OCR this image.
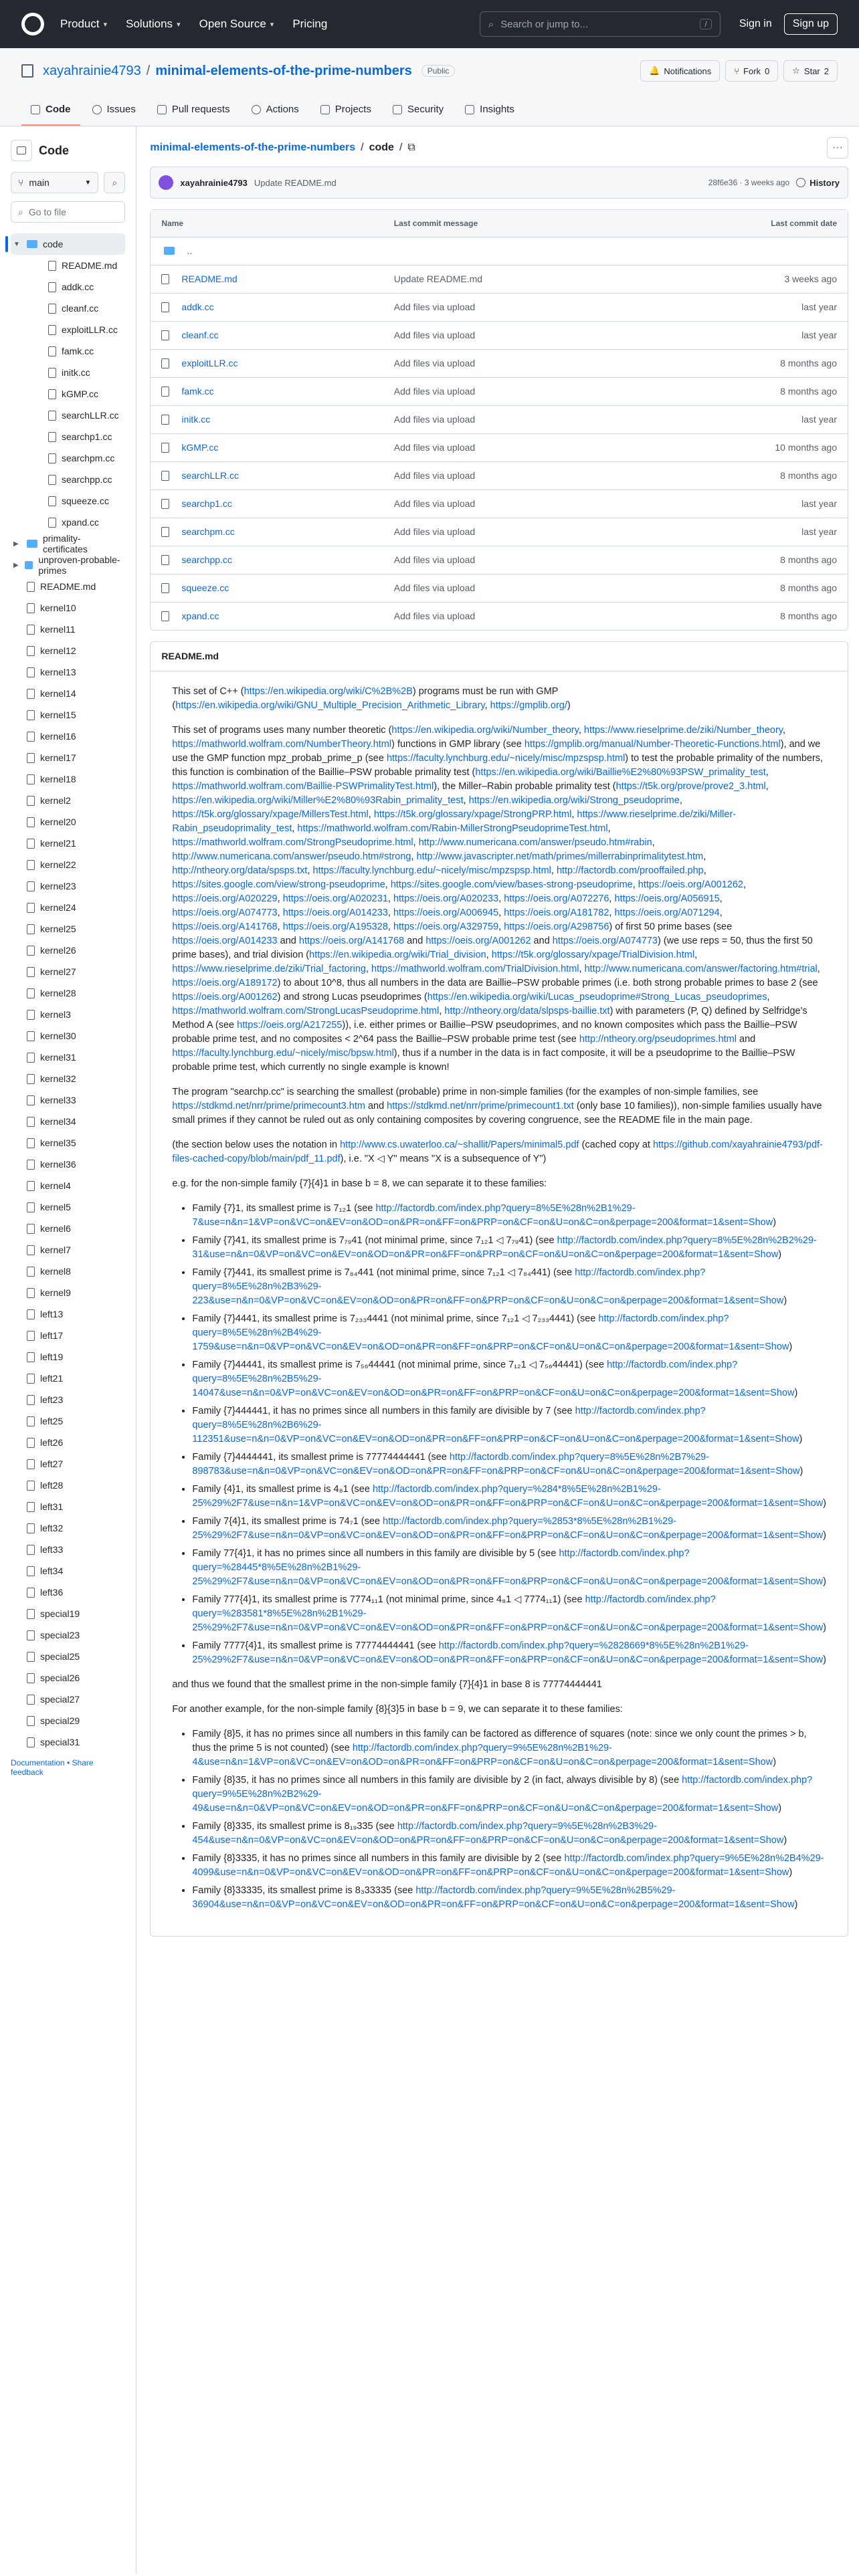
Product ▾ Solutions ▾ Open Source ▾ Pricing	⌕ Search or jump to...	/	Sign in	Sign up
xayahrainie4793 / minimal-elements-of-the-prime-numbers	Public	🔔 Notifications	⑂ Fork 0	☆ Star 2
Code	Issues	Pull requests	Actions	Projects	Security	Insights
Code
⑂ main	▼ ⌕
⌕ Go to file
▼	code
README.md
addk.cc
cleanf.cc
exploitLLR.cc
famk.cc
initk.cc
kGMP.cc
searchLLR.cc
searchp1.cc
searchpm.cc
searchpp.cc
squeeze.cc
xpand.cc
▶	primality-certificates
▶	unproven-probable-primes
README.md
kernel10
kernel11
kernel12
kernel13
kernel14
kernel15
kernel16
kernel17
kernel18
kernel2
kernel20
kernel21
kernel22
kernel23
kernel24
kernel25
kernel26
kernel27
kernel28
kernel3
kernel30
kernel31
kernel32
kernel33
kernel34
kernel35
kernel36
kernel4
kernel5
kernel6
kernel7
kernel8
kernel9
left13
left17
left19
left21
left23
left25
left26
left27
left28
left31
left32
left33
left34
left36
special19
special23
special25
special26
special27
special29
special31
Documentation • Share feedback
minimal-elements-of-the-prime-numbers / code / ⧉	···
xayahrainie4793 Update README.md	28f6e36 · 3 weeks ago History
Name	Last commit message	Last commit date

..		

README.md	Update README.md	3 weeks ago

addk.cc	Add files via upload	last year

cleanf.cc	Add files via upload	last year

exploitLLR.cc	Add files via upload	8 months ago

famk.cc	Add files via upload	8 months ago

initk.cc	Add files via upload	last year

kGMP.cc	Add files via upload	10 months ago

searchLLR.cc	Add files via upload	8 months ago

searchp1.cc	Add files via upload	last year

searchpm.cc	Add files via upload	last year

searchpp.cc	Add files via upload	8 months ago

squeeze.cc	Add files via upload	8 months ago

xpand.cc	Add files via upload	8 months ago
README.md

This set of C++ (https://en.wikipedia.org/wiki/C%2B%2B) programs must be run with GMP (https://en.wikipedia.org/wiki/GNU_Multiple_Precision_Arithmetic_Library, https://gmplib.org/)

This set of programs uses many number theoretic (https://en.wikipedia.org/wiki/Number_theory, https://www.rieselprime.de/ziki/Number_theory, https://mathworld.wolfram.com/NumberTheory.html) functions in GMP library (see https://gmplib.org/manual/Number-Theoretic-Functions.html), and we use the GMP function mpz_probab_prime_p (see https://faculty.lynchburg.edu/~nicely/misc/mpzspsp.html) to test the probable primality of the numbers, this function is combination of the Baillie–PSW probable primality test (https://en.wikipedia.org/wiki/Baillie%E2%80%93PSW_primality_test, https://mathworld.wolfram.com/Baillie-PSWPrimalityTest.html), the Miller–Rabin probable primality test (https://t5k.org/prove/prove2_3.html, https://en.wikipedia.org/wiki/Miller%E2%80%93Rabin_primality_test, https://en.wikipedia.org/wiki/Strong_pseudoprime, https://t5k.org/glossary/xpage/MillersTest.html, https://t5k.org/glossary/xpage/StrongPRP.html, https://www.rieselprime.de/ziki/Miller-Rabin_pseudoprimality_test, https://mathworld.wolfram.com/Rabin-MillerStrongPseudoprimeTest.html, https://mathworld.wolfram.com/StrongPseudoprime.html, http://www.numericana.com/answer/pseudo.htm#rabin, http://www.numericana.com/answer/pseudo.htm#strong, http://www.javascripter.net/math/primes/millerrabinprimalitytest.htm, http://ntheory.org/data/spsps.txt, https://faculty.lynchburg.edu/~nicely/misc/mpzspsp.html, http://factordb.com/prooffailed.php, https://sites.google.com/view/strong-pseudoprime, https://sites.google.com/view/bases-strong-pseudoprime, https://oeis.org/A001262, https://oeis.org/A020229, https://oeis.org/A020231, https://oeis.org/A020233, https://oeis.org/A072276, https://oeis.org/A056915, https://oeis.org/A074773, https://oeis.org/A014233, https://oeis.org/A006945, https://oeis.org/A181782, https://oeis.org/A071294, https://oeis.org/A141768, https://oeis.org/A195328, https://oeis.org/A329759, https://oeis.org/A298756) of first 50 prime bases (see https://oeis.org/A014233 and https://oeis.org/A141768 and https://oeis.org/A001262 and https://oeis.org/A074773) (we use reps = 50, thus the first 50 prime bases), and trial division (https://en.wikipedia.org/wiki/Trial_division, https://t5k.org/glossary/xpage/TrialDivision.html, https://www.rieselprime.de/ziki/Trial_factoring, https://mathworld.wolfram.com/TrialDivision.html, http://www.numericana.com/answer/factoring.htm#trial, https://oeis.org/A189172) to about 10^8, thus all numbers in the data are Baillie–PSW probable primes (i.e. both strong probable primes to base 2 (see https://oeis.org/A001262) and strong Lucas pseudoprimes (https://en.wikipedia.org/wiki/Lucas_pseudoprime#Strong_Lucas_pseudoprimes, https://mathworld.wolfram.com/StrongLucasPseudoprime.html, http://ntheory.org/data/slpsps-baillie.txt) with parameters (P, Q) defined by Selfridge's Method A (see https://oeis.org/A217255)), i.e. either primes or Baillie–PSW pseudoprimes, and no known composites which pass the Baillie–PSW probable prime test, and no composites < 2^64 pass the Baillie–PSW probable prime test (see http://ntheory.org/pseudoprimes.html and https://faculty.lynchburg.edu/~nicely/misc/bpsw.html), thus if a number in the data is in fact composite, it will be a pseudoprime to the Baillie–PSW probable prime test, which currently no single example is known!

The program "searchp.cc" is searching the smallest (probable) prime in non-simple families (for the examples of non-simple families, see https://stdkmd.net/nrr/prime/primecount3.htm and https://stdkmd.net/nrr/prime/primecount1.txt (only base 10 families)), non-simple families usually have small primes if they cannot be ruled out as only containing composites by covering congruence, see the README file in the main page.

(the section below uses the notation in http://www.cs.uwaterloo.ca/~shallit/Papers/minimal5.pdf (cached copy at https://github.com/xayahrainie4793/pdf-files-cached-copy/blob/main/pdf_11.pdf), i.e. "X ◁ Y" means "X is a subsequence of Y")

e.g. for the non-simple family {7}{4}1 in base b = 8, we can separate it to these families:

• Family {7}1, its smallest prime is 7₁₂1 (see http://factordb.com/index.php?query=8%5E%28n%2B1%29-7&use=n&n=1&VP=on&VC=on&EV=on&OD=on&PR=on&FF=on&PRP=on&CF=on&U=on&C=on&perpage=200&format=1&sent=Show)
• Family {7}41, its smallest prime is 7₇₉41 (not minimal prime, since 7₁₂1 ◁ 7₇₉41) (see http://factordb.com/index.php?query=8%5E%28n%2B2%29-31&use=n&n=0&VP=on&VC=on&EV=on&OD=on&PR=on&FF=on&PRP=on&CF=on&U=on&C=on&perpage=200&format=1&sent=Show)
• Family {7}441, its smallest prime is 7₈₄441 (not minimal prime, since 7₁₂1 ◁ 7₈₄441) (see http://factordb.com/index.php?query=8%5E%28n%2B3%29-223&use=n&n=0&VP=on&VC=on&EV=on&OD=on&PR=on&FF=on&PRP=on&CF=on&U=on&C=on&perpage=200&format=1&sent=Show)
• Family {7}4441, its smallest prime is 7₂₃₃4441 (not minimal prime, since 7₁₂1 ◁ 7₂₃₃4441) (see http://factordb.com/index.php?query=8%5E%28n%2B4%29-1759&use=n&n=0&VP=on&VC=on&EV=on&OD=on&PR=on&FF=on&PRP=on&CF=on&U=on&C=on&perpage=200&format=1&sent=Show)
• Family {7}44441, its smallest prime is 7₅₆44441 (not minimal prime, since 7₁₂1 ◁ 7₅₆44441) (see http://factordb.com/index.php?query=8%5E%28n%2B5%29-14047&use=n&n=0&VP=on&VC=on&EV=on&OD=on&PR=on&FF=on&PRP=on&CF=on&U=on&C=on&perpage=200&format=1&sent=Show)
• Family {7}444441, it has no primes since all numbers in this family are divisible by 7 (see http://factordb.com/index.php?query=8%5E%28n%2B6%29-112351&use=n&n=0&VP=on&VC=on&EV=on&OD=on&PR=on&FF=on&PRP=on&CF=on&U=on&C=on&perpage=200&format=1&sent=Show)
• Family {7}4444441, its smallest prime is 77774444441 (see http://factordb.com/index.php?query=8%5E%28n%2B7%29-898783&use=n&n=0&VP=on&VC=on&EV=on&OD=on&PR=on&FF=on&PRP=on&CF=on&U=on&C=on&perpage=200&format=1&sent=Show)
• Family {4}1, its smallest prime is 4₈1 (see http://factordb.com/index.php?query=%284*8%5E%28n%2B1%29-25%29%2F7&use=n&n=1&VP=on&VC=on&EV=on&OD=on&PR=on&FF=on&PRP=on&CF=on&U=on&C=on&perpage=200&format=1&sent=Show)
• Family 7{4}1, its smallest prime is 74₇1 (see http://factordb.com/index.php?query=%2853*8%5E%28n%2B1%29-25%29%2F7&use=n&n=0&VP=on&VC=on&EV=on&OD=on&PR=on&FF=on&PRP=on&CF=on&U=on&C=on&perpage=200&format=1&sent=Show)
• Family 77{4}1, it has no primes since all numbers in this family are divisible by 5 (see http://factordb.com/index.php?query=%28445*8%5E%28n%2B1%29-25%29%2F7&use=n&n=0&VP=on&VC=on&EV=on&OD=on&PR=on&FF=on&PRP=on&CF=on&U=on&C=on&perpage=200&format=1&sent=Show)
• Family 777{4}1, its smallest prime is 7774₁₁1 (not minimal prime, since 4₈1 ◁ 7774₁₁1) (see http://factordb.com/index.php?query=%283581*8%5E%28n%2B1%29-25%29%2F7&use=n&n=0&VP=on&VC=on&EV=on&OD=on&PR=on&FF=on&PRP=on&CF=on&U=on&C=on&perpage=200&format=1&sent=Show)
• Family 7777{4}1, its smallest prime is 77774444441 (see http://factordb.com/index.php?query=%2828669*8%5E%28n%2B1%29-25%29%2F7&use=n&n=0&VP=on&VC=on&EV=on&OD=on&PR=on&FF=on&PRP=on&CF=on&U=on&C=on&perpage=200&format=1&sent=Show)

and thus we found that the smallest prime in the non-simple family {7}{4}1 in base 8 is 77774444441

For another example, for the non-simple family {8}{3}5 in base b = 9, we can separate it to these families:

• Family {8}5, it has no primes since all numbers in this family can be factored as difference of squares (note: since we only count the primes > b, thus the prime 5 is not counted) (see http://factordb.com/index.php?query=9%5E%28n%2B1%29-4&use=n&n=1&VP=on&VC=on&EV=on&OD=on&PR=on&FF=on&PRP=on&CF=on&U=on&C=on&perpage=200&format=1&sent=Show)
• Family {8}35, it has no primes since all numbers in this family are divisible by 2 (in fact, always divisible by 8) (see http://factordb.com/index.php?query=9%5E%28n%2B2%29-49&use=n&n=0&VP=on&VC=on&EV=on&OD=on&PR=on&FF=on&PRP=on&CF=on&U=on&C=on&perpage=200&format=1&sent=Show)
• Family {8}335, its smallest prime is 8₁₉335 (see http://factordb.com/index.php?query=9%5E%28n%2B3%29-454&use=n&n=0&VP=on&VC=on&EV=on&OD=on&PR=on&FF=on&PRP=on&CF=on&U=on&C=on&perpage=200&format=1&sent=Show)
• Family {8}3335, it has no primes since all numbers in this family are divisible by 2 (see http://factordb.com/index.php?query=9%5E%28n%2B4%29-4099&use=n&n=0&VP=on&VC=on&EV=on&OD=on&PR=on&FF=on&PRP=on&CF=on&U=on&C=on&perpage=200&format=1&sent=Show)
• Family {8}33335, its smallest prime is 8₃33335 (see http://factordb.com/index.php?query=9%5E%28n%2B5%29-36904&use=n&n=0&VP=on&VC=on&EV=on&OD=on&PR=on&FF=on&PRP=on&CF=on&U=on&C=on&perpage=200&format=1&sent=Show)
